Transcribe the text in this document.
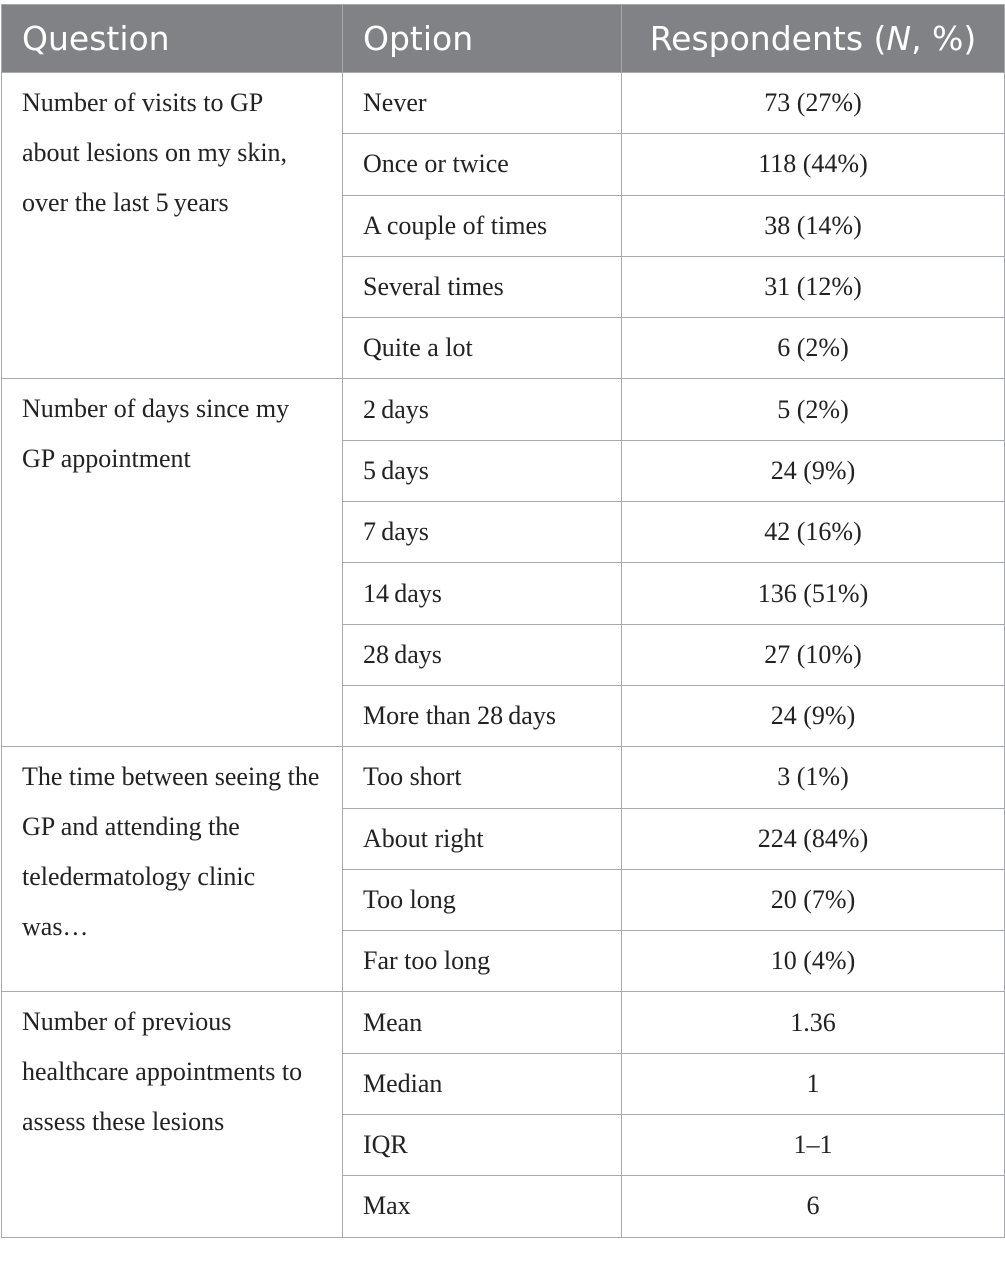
Question	Option	Respondents (N, %)
Number of visits to GP about lesions on my skin, over the last 5 years	Never	73 (27%)
	Once or twice	118 (44%)
	A couple of times	38 (14%)
	Several times	31 (12%)
	Quite a lot	6 (2%)
Number of days since my GP appointment	2 days	5 (2%)
	5 days	24 (9%)
	7 days	42 (16%)
	14 days	136 (51%)
	28 days	27 (10%)
	More than 28 days	24 (9%)
The time between seeing the GP and attending the teledermatology clinic was…	Too short	3 (1%)
	About right	224 (84%)
	Too long	20 (7%)
	Far too long	10 (4%)
Number of previous healthcare appointments to assess these lesions	Mean	1.36
	Median	1
	IQR	1–1
	Max	6
